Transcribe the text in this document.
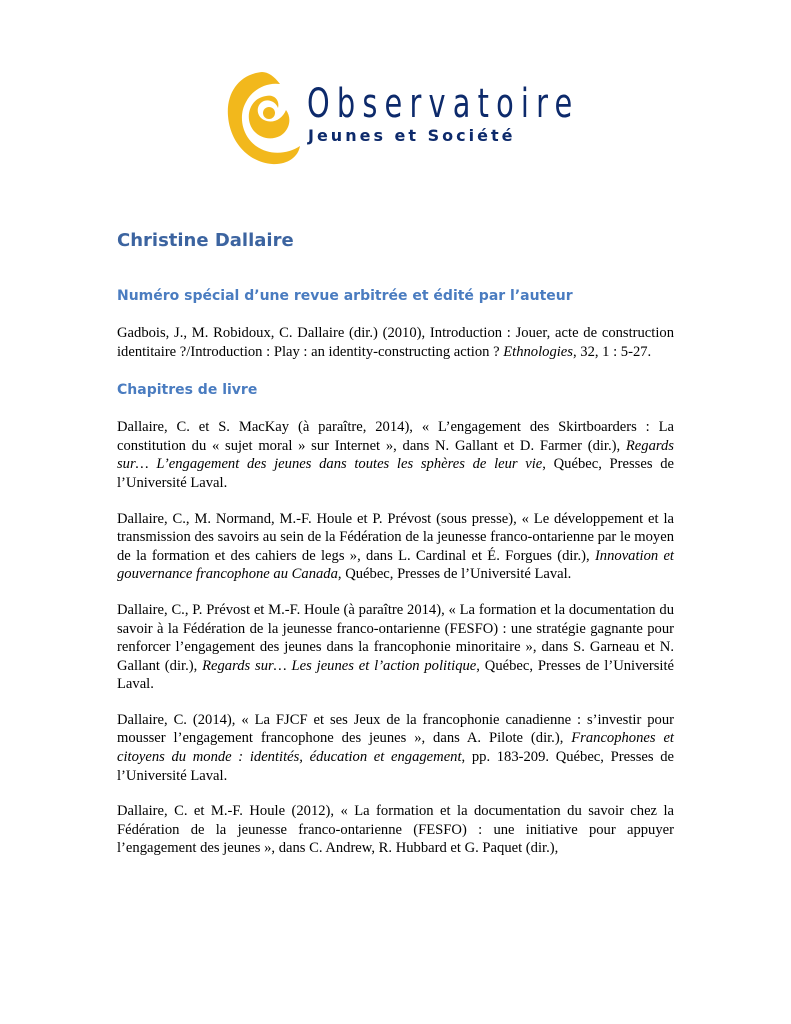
Observatoire
Jeunes et Société
Christine Dallaire
Numéro spécial d’une revue arbitrée et édité par l’auteur

Gadbois, J., M. Robidoux, C. Dallaire (dir.) (2010), Introduction : Jouer, acte de construction identitaire ?/Introduction : Play : an identity-constructing action ? Ethnologies, 32, 1 : 5-27.

Chapitres de livre

Dallaire, C. et S. MacKay (à paraître, 2014), « L’engagement des Skirtboarders : La constitution du « sujet moral » sur Internet », dans N. Gallant et D. Farmer (dir.), Regards sur… L’engagement des jeunes dans toutes les sphères de leur vie, Québec, Presses de l’Université Laval.

Dallaire, C., M. Normand, M.-F. Houle et P. Prévost (sous presse), « Le développement et la transmission des savoirs au sein de la Fédération de la jeunesse franco-ontarienne par le moyen de la formation et des cahiers de legs », dans L. Cardinal et É. Forgues (dir.), Innovation et gouvernance francophone au Canada, Québec, Presses de l’Université Laval.

Dallaire, C., P. Prévost et M.-F. Houle (à paraître 2014), « La formation et la documentation du savoir à la Fédération de la jeunesse franco-ontarienne (FESFO) : une stratégie gagnante pour renforcer l’engagement des jeunes dans la francophonie minoritaire », dans S. Garneau et N. Gallant (dir.), Regards sur… Les jeunes et l’action politique, Québec, Presses de l’Université Laval.

Dallaire, C. (2014), « La FJCF et ses Jeux de la francophonie canadienne : s’investir pour mousser l’engagement francophone des jeunes », dans A. Pilote (dir.), Francophones et citoyens du monde : identités, éducation et engagement, pp. 183-209. Québec, Presses de l’Université Laval.

Dallaire, C. et M.-F. Houle (2012), « La formation et la documentation du savoir chez la Fédération de la jeunesse franco-ontarienne (FESFO) : une initiative pour appuyer l’engagement des jeunes », dans C. Andrew, R. Hubbard et G. Paquet (dir.),
